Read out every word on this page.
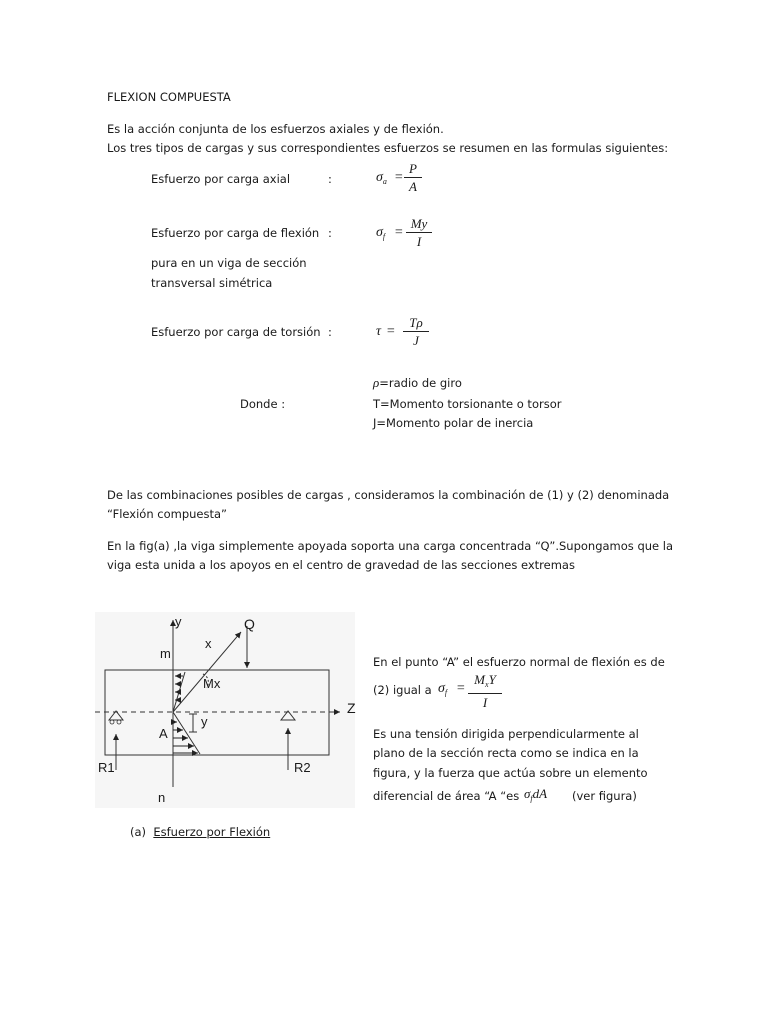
FLEXION COMPUESTA
Es la acción conjunta de los esfuerzos axiales y de flexión.
Los tres tipos de cargas y sus correspondientes esfuerzos se resumen en las formulas siguientes:
Esfuerzo por carga axial	:	$\sigma_a$ =
P
A
Esfuerzo por carga de flexión :	$\sigma_f$ =
My
I
pura en un viga de sección
transversal simétrica
Esfuerzo por carga de torsión :	τ =
Tρ
J
ρ=radio de giro
Donde :	T=Momento torsionante o torsor
J=Momento polar de inercia
De las combinaciones posibles de cargas , consideramos la combinación de (1) y (2) denominada
“Flexión compuesta”
En la fig(a) ,la viga simplemente apoyada soporta una carga concentrada “Q”.Supongamos que la
viga esta unida a los apoyos en el centro de gravedad de las secciones extremas
y	Q
x
m
Mx
Z
y
A
R1	R2
n
En el punto “A” el esfuerzo normal de flexión es de
(2) igual a $\sigma_f$ =
$M_xY$
I
Es una tensión dirigida perpendicularmente al
plano de la sección recta como se indica en la
figura, y la fuerza que actúa sobre un elemento
diferencial de área “A “es $\sigma_fdA$ (ver figura)
(a) Esfuerzo por Flexión
